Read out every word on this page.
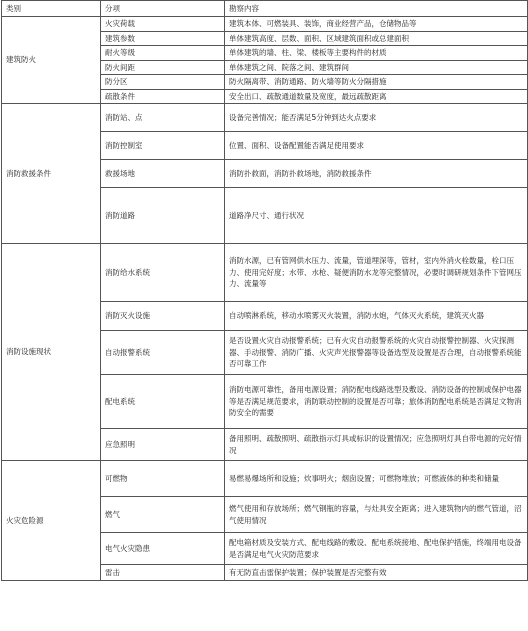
类别	分项	勘察内容
建筑防火	火灾荷载	建筑本体、可燃装具、装饰，商业经营产品，仓储物品等
	建筑参数	单体建筑高度、层数、面积、区域建筑面积或总建面积
	耐火等级	单体建筑的墙、柱、梁、楼板等主要构件的材质
	防火间距	单体建筑之间、院落之间、建筑群间
	防分区	防火隔离带、消防通路、防火墙等防火分隔措施
	疏散条件	安全出口、疏散通道数量及宽度，最远疏散距离
消防救援条件	消防站、点	设备完善情况；能否满足5分钟到达火点要求
	消防控制室	位置、面积、设备配置能否满足使用要求
	救援场地	消防扑救面，消防扑救场地，消防救援条件
	消防道路	道路净尺寸、通行状况
消防设施现状	消防给水系统	消防水源，已有管网供水压力、流量，管道埋深等，管材，室内外消火栓数量，栓口压力、使用完好度；水带、水枪、疑便消防水龙等完整情况，必要时调研规划条件下管网压力、流量等
	消防灭火设施	自动喷淋系统，移动水喷雾灭火装置，消防水炮，气体灭火系统，建筑灭火器
	自动报警系统	是否设置火灾自动报警系统；已有火灾自动报警系统的火灾自动报警控制器、火灾探测器、手动报警、消防广播、火灾声光报警器等设备选型及设置是否合理，自动报警系统能否可靠工作
	配电系统	消防电源可靠性，备用电源设置；消防配电线路选型及敷设、消防设备的控制或保护电器等是否满足规范要求，消防联动控制的设置是否可靠；旅体消防配电系统是否满足文物消防安全的需要
	应急照明	备用照明、疏散照明、疏散指示灯具或标识的设置情况；应急照明灯具自带电源的完好情况
火灾危险源	可燃物	易燃易爆场所和设施；炊事明火；烟囱设置；可燃物堆放；可燃液体的种类和储量
	燃气	燃气使用和存放场所；燃气钢瓶的容量，与灶具安全距离；进入建筑物内的燃气管道，沼气使用情况
	电气火灾隐患	配电箱材质及安装方式、配电线路的敷设、配电系统接地、配电保护措施，终端用电设备是否满足电气火灾防范要求
	雷击	有无防直击雷保护装置；保护装置是否完整有效
